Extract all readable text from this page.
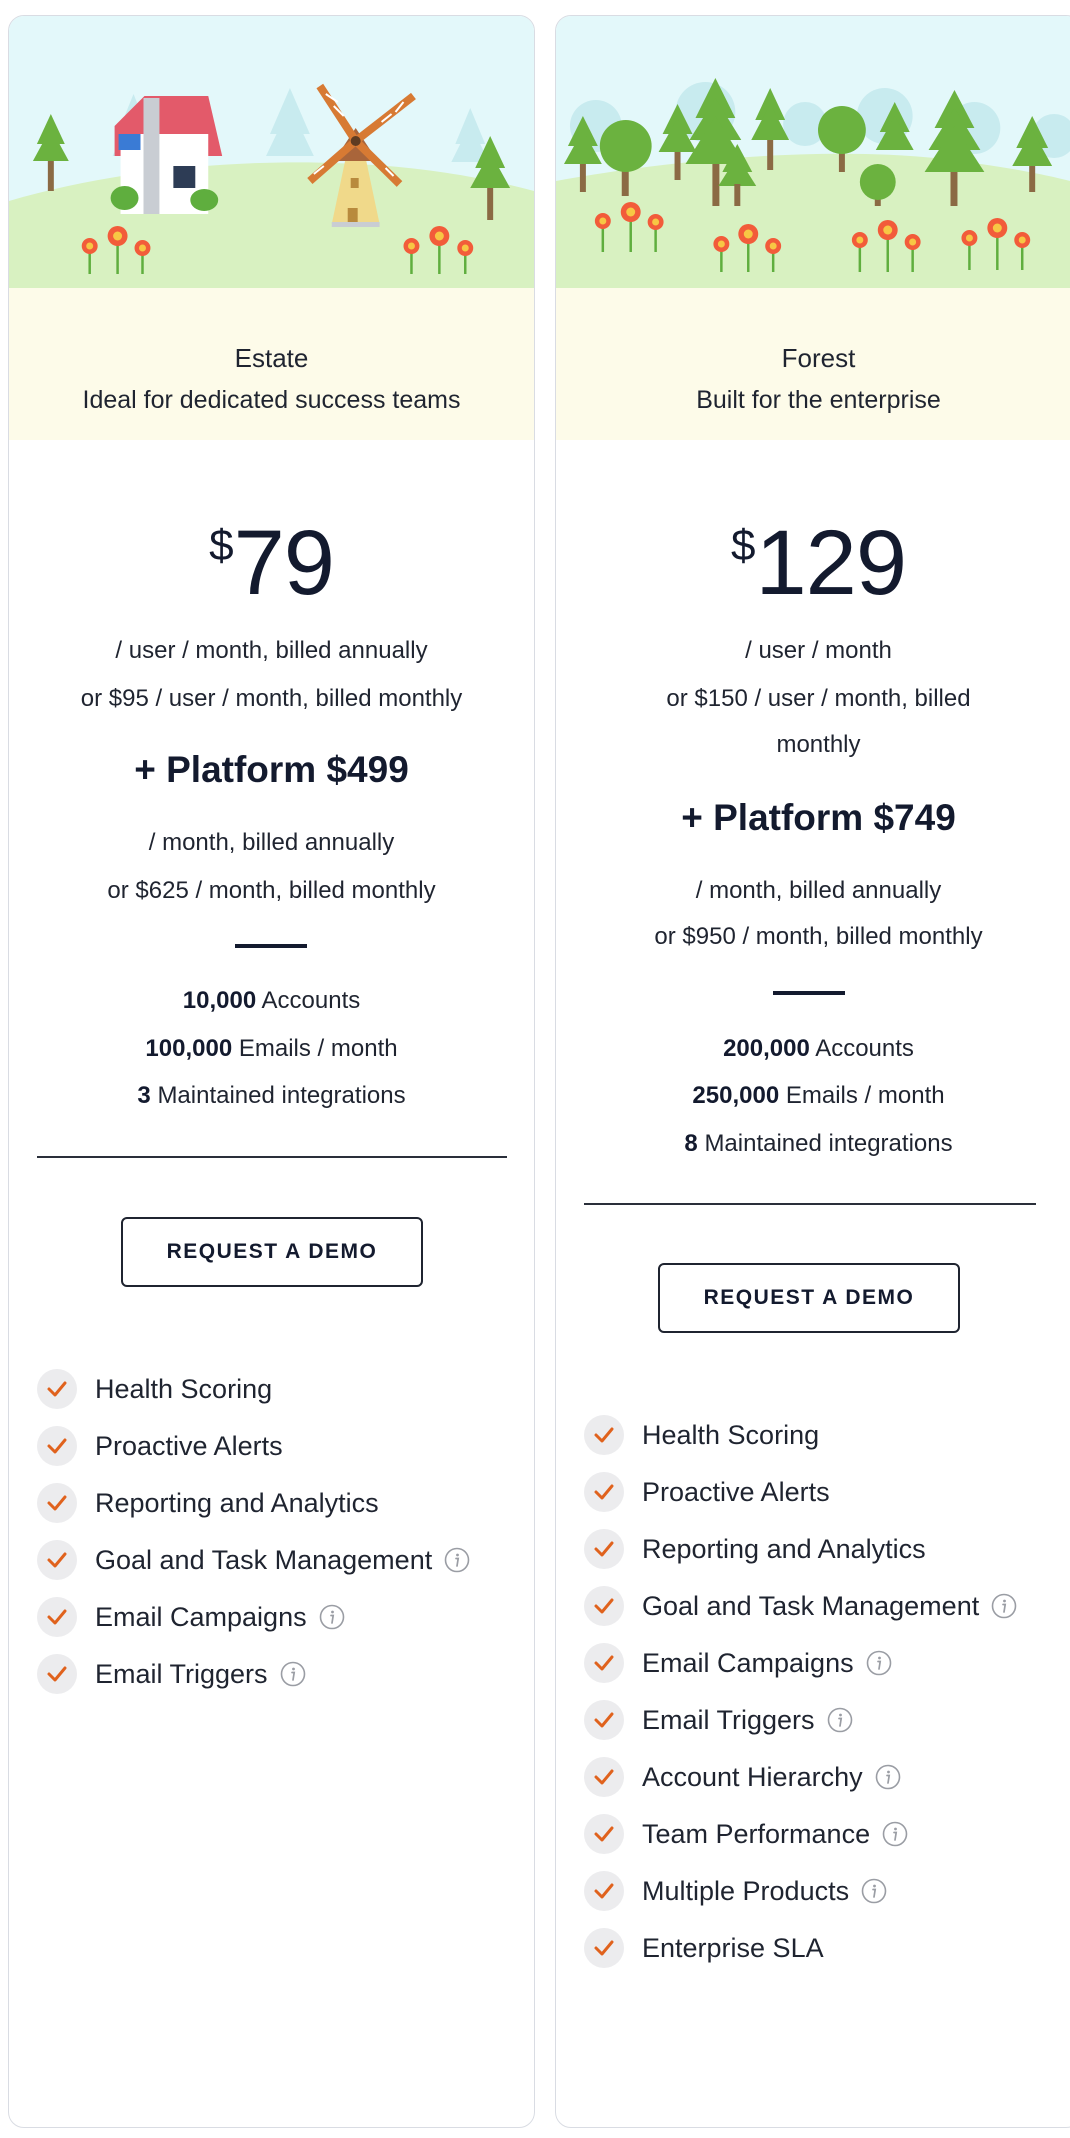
Estate
Ideal for dedicated success teams
$79
/ user / month, billed annually
or $95 / user / month, billed monthly
+ Platform $499
/ month, billed annually
or $625 / month, billed monthly
10,000 Accounts
100,000 Emails / month
3 Maintained integrations
REQUEST A DEMO
Health Scoring
Proactive Alerts
Reporting and Analytics
Goal and Task Management
Email Campaigns
Email Triggers
Forest
Built for the enterprise
$129
/ user / month
or $150 / user / month, billed
monthly
+ Platform $749
/ month, billed annually
or $950 / month, billed monthly
200,000 Accounts
250,000 Emails / month
8 Maintained integrations
REQUEST A DEMO
Health Scoring
Proactive Alerts
Reporting and Analytics
Goal and Task Management
Email Campaigns
Email Triggers
Account Hierarchy
Team Performance
Multiple Products
Enterprise SLA
